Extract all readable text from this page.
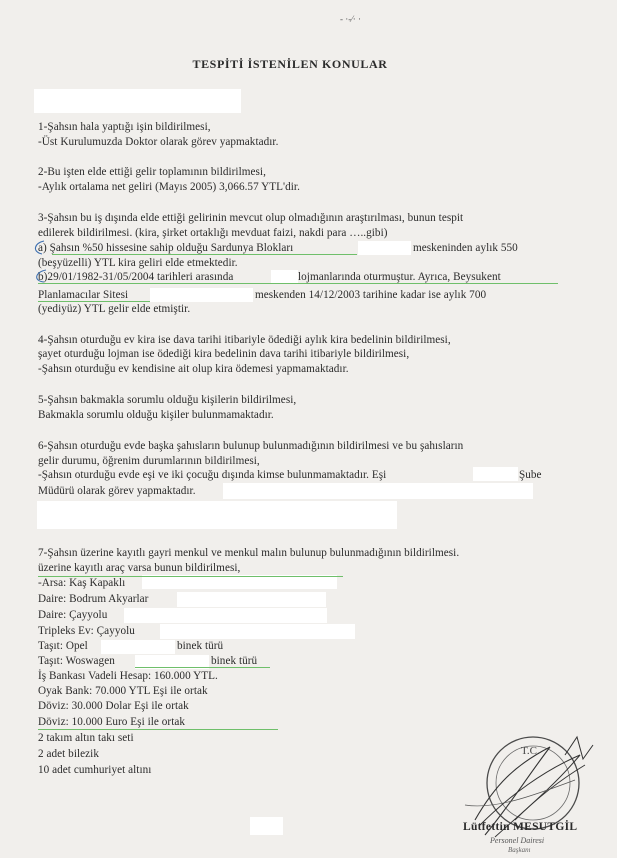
- ·-⁄· ·
TESPİTİ İSTENİLEN KONULAR
1-Şahsın hala yaptığı işin bildirilmesi,
-Üst Kurulumuzda Doktor olarak görev yapmaktadır.
2-Bu işten elde ettiği gelir toplamının bildirilmesi,
-Aylık ortalama net geliri (Mayıs 2005) 3,066.57 YTL'dir.
3-Şahsın bu iş dışında elde ettiği gelirinin mevcut olup olmadığının araştırılması, bunun tespit
edilerek bildirilmesi. (kira, şirket ortaklığı mevduat faizi, nakdi para …..gibi)
a) Şahsın %50 hissesine sahip olduğu Sardunya Blokları	meskeninden aylık 550
(beşyüzelli) YTL kira geliri elde etmektedir.
b)29/01/1982-31/05/2004 tarihleri arasında	lojmanlarında oturmuştur. Ayrıca, Beysukent
Planlamacılar Sitesi	meskenden 14/12/2003 tarihine kadar ise aylık 700
(yediyüz) YTL gelir elde etmiştir.
4-Şahsın oturduğu ev kira ise dava tarihi itibariyle ödediği aylık kira bedelinin bildirilmesi,
şayet oturduğu lojman ise ödediği kira bedelinin dava tarihi itibariyle bildirilmesi,
-Şahsın oturduğu ev kendisine ait olup kira ödemesi yapmamaktadır.
5-Şahsın bakmakla sorumlu olduğu kişilerin bildirilmesi,
Bakmakla sorumlu olduğu kişiler bulunmamaktadır.
6-Şahsın oturduğu evde başka şahısların bulunup bulunmadığının bildirilmesi ve bu şahısların
gelir durumu, öğrenim durumlarının bildirilmesi,
-Şahsın oturduğu evde eşi ve iki çocuğu dışında kimse bulunmamaktadır. Eşi	Şube
Müdürü olarak görev yapmaktadır.
7-Şahsın üzerine kayıtlı gayri menkul ve menkul malın bulunup bulunmadığının bildirilmesi.
üzerine kayıtlı araç varsa bunun bildirilmesi,
-Arsa: Kaş Kapaklı
Daire: Bodrum Akyarlar
Daire: Çayyolu
Tripleks Ev: Çayyolu
Taşıt: Opel	binek türü
Taşıt: Woswagen	binek türü
İş Bankası Vadeli Hesap: 160.000 YTL.
Oyak Bank: 70.000 YTL Eşi ile ortak
Döviz: 30.000 Dolar Eşi ile ortak
Döviz: 10.000 Euro Eşi ile ortak
2 takım altın takı seti
2 adet bilezik
10 adet cumhuriyet altını
T.C.
Lütfettin MESUTGİL
Personel Dairesi
Başkanı
